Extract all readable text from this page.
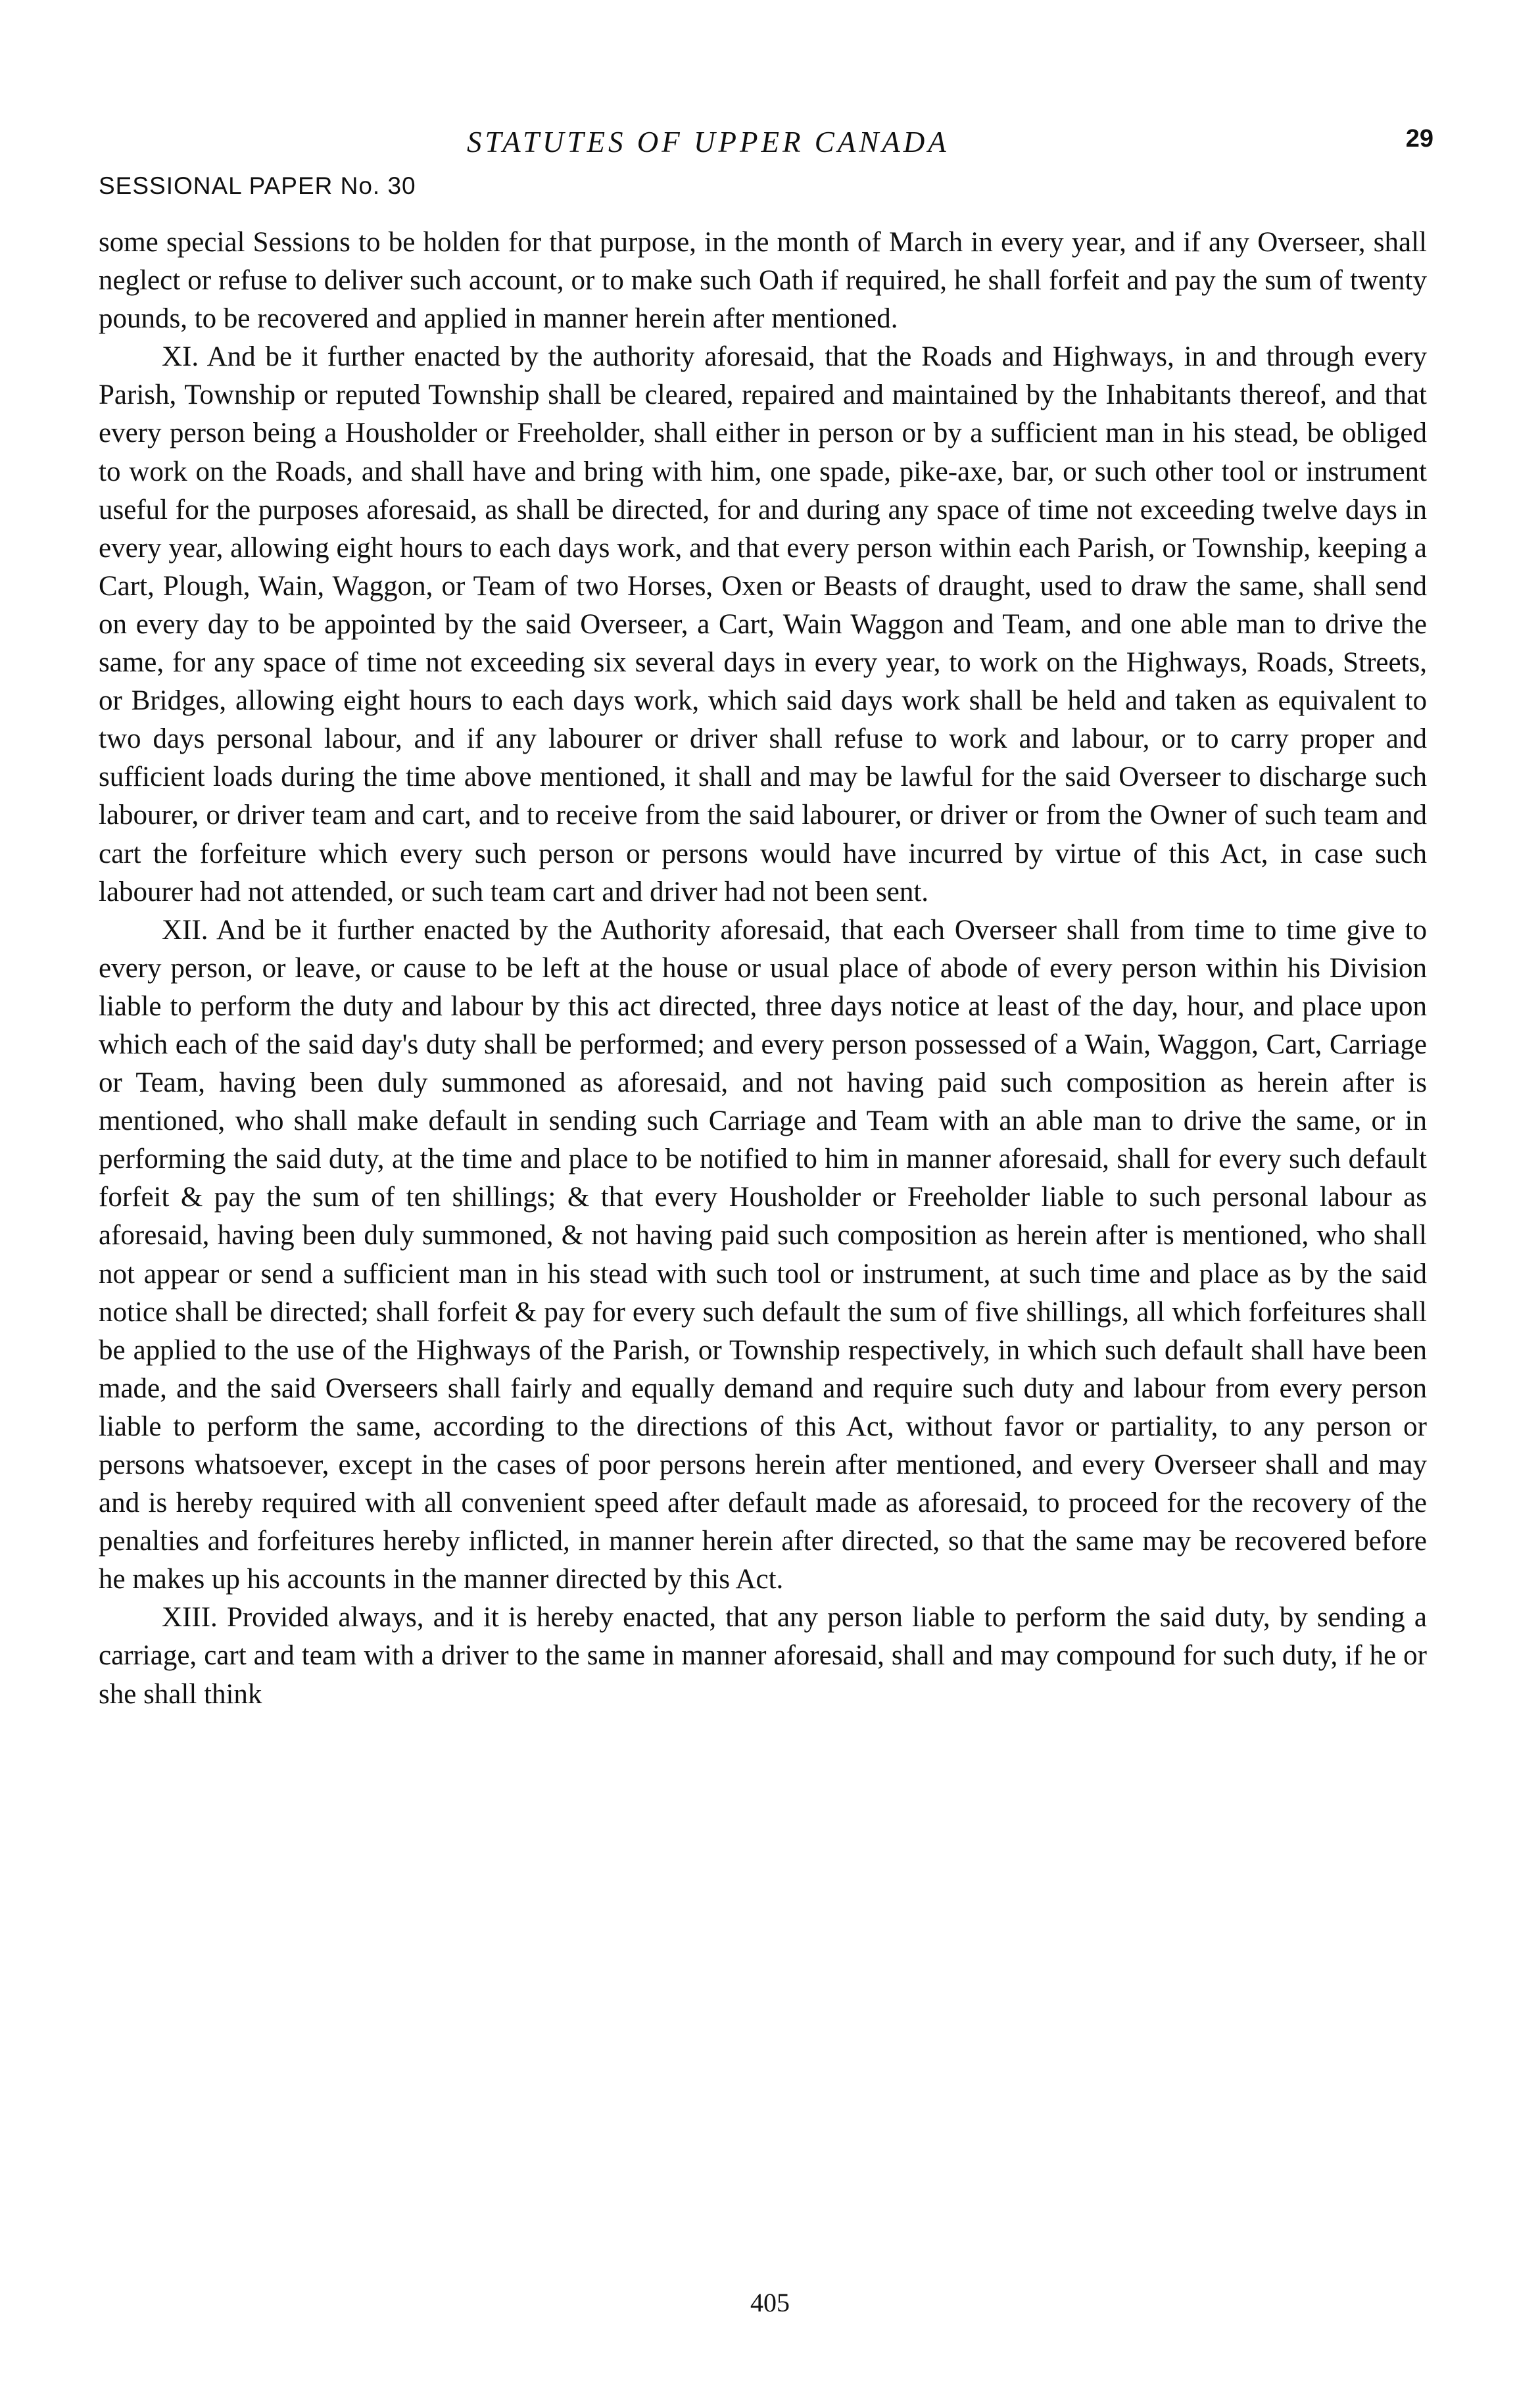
STATUTES OF UPPER CANADA	29
SESSIONAL PAPER No. 30

some special Sessions to be holden for that purpose, in the month of March in every year, and if any Overseer, shall neglect or refuse to deliver such account, or to make such Oath if required, he shall forfeit and pay the sum of twenty pounds, to be recovered and applied in manner herein after mentioned.

XI. And be it further enacted by the authority aforesaid, that the Roads and Highways, in and through every Parish, Township or reputed Township shall be cleared, repaired and maintained by the Inhabitants thereof, and that every person being a Housholder or Freeholder, shall either in person or by a sufficient man in his stead, be obliged to work on the Roads, and shall have and bring with him, one spade, pike-axe, bar, or such other tool or instrument useful for the purposes aforesaid, as shall be directed, for and during any space of time not exceeding twelve days in every year, allowing eight hours to each days work, and that every person within each Parish, or Township, keeping a Cart, Plough, Wain, Waggon, or Team of two Horses, Oxen or Beasts of draught, used to draw the same, shall send on every day to be appointed by the said Overseer, a Cart, Wain Waggon and Team, and one able man to drive the same, for any space of time not exceeding six several days in every year, to work on the Highways, Roads, Streets, or Bridges, allowing eight hours to each days work, which said days work shall be held and taken as equivalent to two days personal labour, and if any labourer or driver shall refuse to work and labour, or to carry proper and sufficient loads during the time above mentioned, it shall and may be lawful for the said Overseer to discharge such labourer, or driver team and cart, and to receive from the said labourer, or driver or from the Owner of such team and cart the forfeiture which every such person or persons would have incurred by virtue of this Act, in case such labourer had not attended, or such team cart and driver had not been sent.

XII. And be it further enacted by the Authority aforesaid, that each Overseer shall from time to time give to every person, or leave, or cause to be left at the house or usual place of abode of every person within his Division liable to perform the duty and labour by this act directed, three days notice at least of the day, hour, and place upon which each of the said day's duty shall be performed; and every person possessed of a Wain, Waggon, Cart, Carriage or Team, having been duly summoned as aforesaid, and not having paid such composition as herein after is mentioned, who shall make default in sending such Carriage and Team with an able man to drive the same, or in performing the said duty, at the time and place to be notified to him in manner aforesaid, shall for every such default forfeit & pay the sum of ten shillings; & that every Housholder or Freeholder liable to such personal labour as aforesaid, having been duly summoned, & not having paid such composition as herein after is mentioned, who shall not appear or send a sufficient man in his stead with such tool or instrument, at such time and place as by the said notice shall be directed; shall forfeit & pay for every such default the sum of five shillings, all which forfeitures shall be applied to the use of the Highways of the Parish, or Township respectively, in which such default shall have been made, and the said Overseers shall fairly and equally demand and require such duty and labour from every person liable to perform the same, according to the directions of this Act, without favor or partiality, to any person or persons whatsoever, except in the cases of poor persons herein after mentioned, and every Overseer shall and may and is hereby required with all convenient speed after default made as aforesaid, to proceed for the recovery of the penalties and forfeitures hereby inflicted, in manner herein after directed, so that the same may be recovered before he makes up his accounts in the manner directed by this Act.

XIII. Provided always, and it is hereby enacted, that any person liable to perform the said duty, by sending a carriage, cart and team with a driver to the same in manner aforesaid, shall and may compound for such duty, if he or she shall think

405
